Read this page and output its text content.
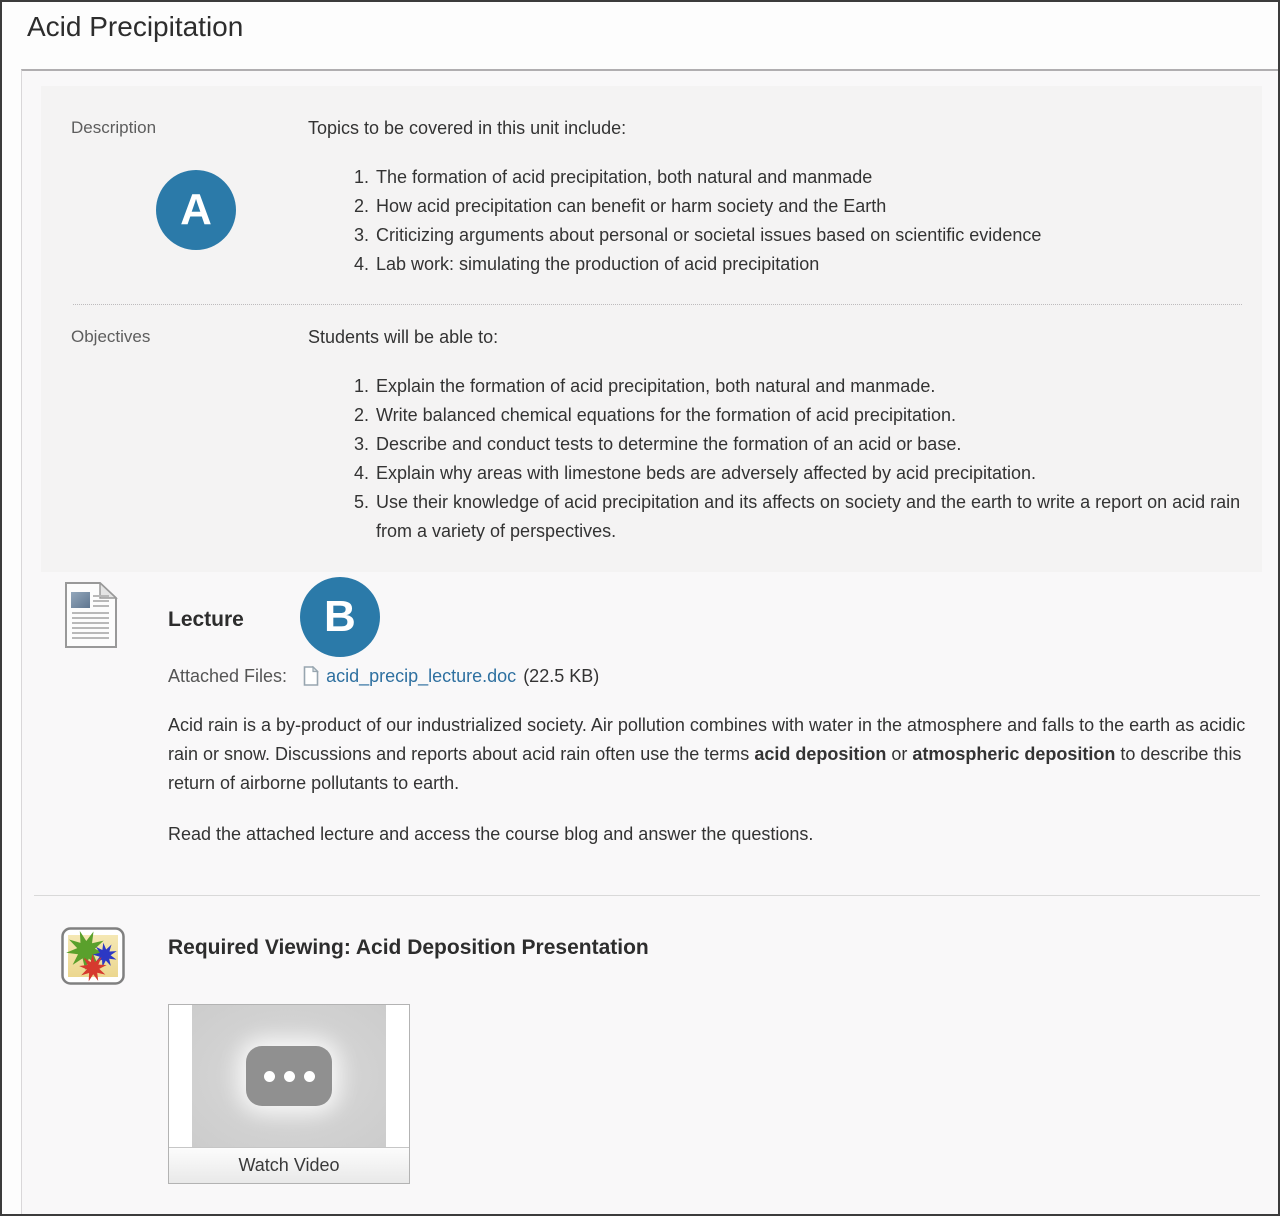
Acid Precipitation
Description
A

Topics to be covered in this unit include:

1. The formation of acid precipitation, both natural and manmade
2. How acid precipitation can benefit or harm society and the Earth
3. Criticizing arguments about personal or societal issues based on scientific evidence
4. Lab work: simulating the production of acid precipitation
Objectives	Students will be able to:

1. Explain the formation of acid precipitation, both natural and manmade.
2. Write balanced chemical equations for the formation of acid precipitation.
3. Describe and conduct tests to determine the formation of an acid or base.
4. Explain why areas with limestone beds are adversely affected by acid precipitation.
5. Use their knowledge of acid precipitation and its affects on society and the earth to write a report on acid rain from a variety of perspectives.
Lecture	B
Attached Files: acid_precip_lecture.doc (22.5 KB)

Acid rain is a by-product of our industrialized society. Air pollution combines with water in the atmosphere and falls to the earth as acidic rain or snow. Discussions and reports about acid rain often use the terms acid deposition or atmospheric deposition to describe this return of airborne pollutants to earth.

Read the attached lecture and access the course blog and answer the questions.

Required Viewing: Acid Deposition Presentation
Watch Video
